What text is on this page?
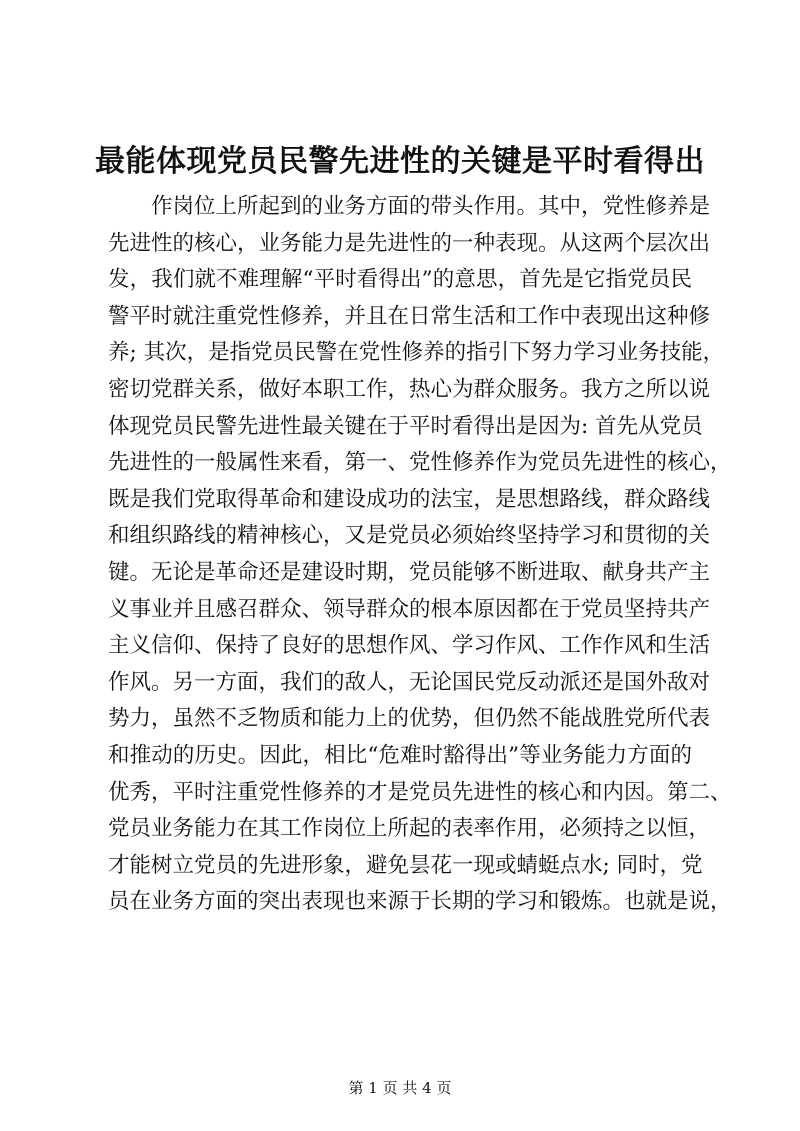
最能体现党员民警先进性的关键是平时看得出
作岗位上所起到的业务方面的带头作用。其中，党性修养是
先进性的核心，业务能力是先进性的一种表现。从这两个层次出
发，我们就不难理解“平时看得出”的意思，首先是它指党员民
警平时就注重党性修养，并且在日常生活和工作中表现出这种修
养; 其次，是指党员民警在党性修养的指引下努力学习业务技能，
密切党群关系，做好本职工作，热心为群众服务。我方之所以说
体现党员民警先进性最关键在于平时看得出是因为: 首先从党员
先进性的一般属性来看，第一、党性修养作为党员先进性的核心，
既是我们党取得革命和建设成功的法宝，是思想路线，群众路线
和组织路线的精神核心，又是党员必须始终坚持学习和贯彻的关
键。无论是革命还是建设时期，党员能够不断进取、献身共产主
义事业并且感召群众、领导群众的根本原因都在于党员坚持共产
主义信仰、保持了良好的思想作风、学习作风、工作作风和生活
作风。另一方面，我们的敌人，无论国民党反动派还是国外敌对
势力，虽然不乏物质和能力上的优势，但仍然不能战胜党所代表
和推动的历史。因此，相比“危难时豁得出”等业务能力方面的
优秀，平时注重党性修养的才是党员先进性的核心和内因。第二、
党员业务能力在其工作岗位上所起的表率作用，必须持之以恒，
才能树立党员的先进形象，避免昙花一现或蜻蜓点水; 同时，党
员在业务方面的突出表现也来源于长期的学习和锻炼。也就是说，
第 1 页 共 4 页
